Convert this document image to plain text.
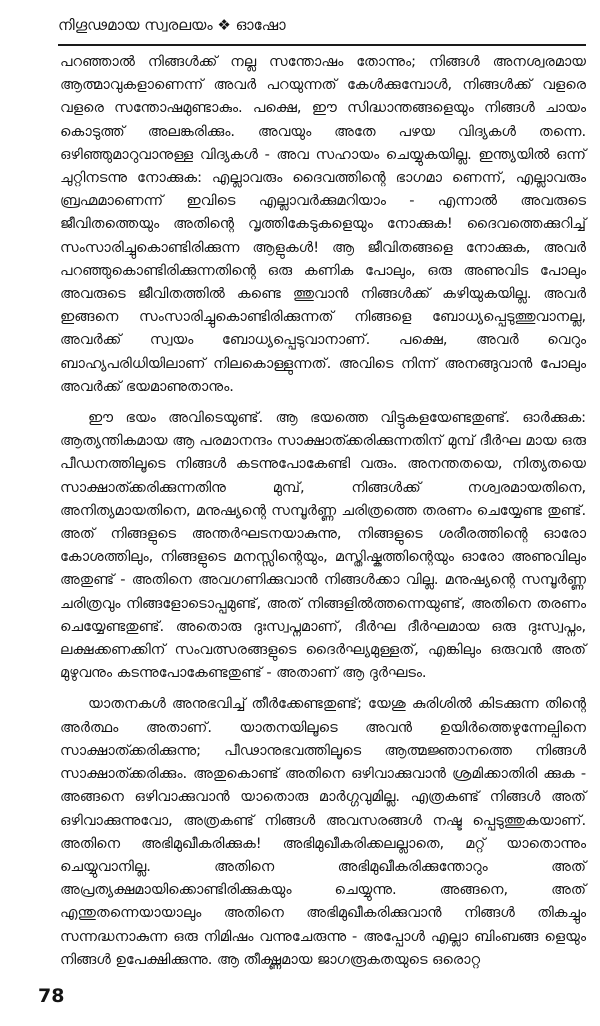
നിഗൂഢമായ സ്വരലയം ❖ ഓഷോ

പറഞ്ഞാൽ നിങ്ങൾക്ക് നല്ല സന്തോഷം തോന്നും; നിങ്ങൾ അനശ്വരമായ ആത്മാവുകളാണെന്ന് അവർ പറയുന്നത് കേൾക്കുമ്പോൾ, നിങ്ങൾക്ക് വളരെ വളരെ സന്തോഷമുണ്ടാകും. പക്ഷെ, ഈ സിദ്ധാന്തങ്ങളെയും നിങ്ങൾ ചായം കൊടുത്ത് അലങ്കരിക്കും. അവയും അതേ പഴയ വിദ്യകൾ തന്നെ. ഒഴിഞ്ഞുമാറുവാനുള്ള വിദ്യകൾ - അവ സഹായം ചെയ്യുകയില്ല. ഇന്ത്യയിൽ ഒന്ന് ചുറ്റിനടന്നു നോക്കുക: എല്ലാവരും ദൈവത്തിന്റെ ഭാഗമാ ണെന്ന്, എല്ലാവരും ബ്രഹ്മമാണെന്ന് ഇവിടെ എല്ലാവർക്കുമറിയാം - എന്നാൽ അവരുടെ ജീവിതത്തെയും അതിന്റെ വൃത്തികേടുകളെയും നോക്കുക! ദൈവത്തെക്കുറിച്ച് സംസാരിച്ചുകൊണ്ടിരിക്കുന്ന ആളുകൾ! ആ ജീവിതങ്ങളെ നോക്കുക, അവർ പറഞ്ഞുകൊണ്ടിരിക്കുന്നതിന്റെ ഒരു കണിക പോലും, ഒരു അണുവിട പോലും അവരുടെ ജീവിതത്തിൽ കണ്ടെ ത്തുവാൻ നിങ്ങൾക്ക് കഴിയുകയില്ല. അവർ ഇങ്ങനെ സംസാരിച്ചുകൊണ്ടിരിക്കുന്നത് നിങ്ങളെ ബോധ്യപ്പെടുത്തുവാനല്ല, അവർക്ക് സ്വയം ബോധ്യപ്പെടുവാനാണ്. പക്ഷെ, അവർ വെറും ബാഹ്യപരിധിയിലാണ് നിലകൊള്ളുന്നത്. അവിടെ നിന്ന് അനങ്ങുവാൻ പോലും അവർക്ക് ഭയമാണുതാനും.

ഈ ഭയം അവിടെയുണ്ട്. ആ ഭയത്തെ വിട്ടുകളയേണ്ടതുണ്ട്. ഓർക്കുക: ആത്യന്തികമായ ആ പരമാനന്ദം സാക്ഷാത്ക്കരിക്കുന്നതിന് മുമ്പ് ദീർഘ മായ ഒരു പീഡനത്തിലൂടെ നിങ്ങൾ കടന്നുപോകേണ്ടി വരും. അനന്തതയെ, നിത്യതയെ സാക്ഷാത്ക്കരിക്കുന്നതിനു മുമ്പ്, നിങ്ങൾക്ക് നശ്വരമായതിനെ, അനിത്യമായതിനെ, മനുഷ്യന്റെ സമ്പൂർണ്ണ ചരിത്രത്തെ തരണം ചെയ്യേണ്ട തുണ്ട്. അത് നിങ്ങളുടെ അന്തർഘടനയാകുന്നു, നിങ്ങളുടെ ശരീരത്തിന്റെ ഓരോ കോശത്തിലും, നിങ്ങളുടെ മനസ്സിന്റെയും, മസ്തിഷ്കത്തിന്റെയും ഓരോ അണുവിലും അതുണ്ട് - അതിനെ അവഗണിക്കുവാൻ നിങ്ങൾക്കാ വില്ല. മനുഷ്യന്റെ സമ്പൂർണ്ണ ചരിത്രവും നിങ്ങളോടൊപ്പമുണ്ട്, അത് നിങ്ങളിൽത്തന്നെയുണ്ട്, അതിനെ തരണം ചെയ്യേണ്ടതുണ്ട്. അതൊരു ദുഃസ്വപ്നമാണ്, ദീർഘ ദീർഘമായ ഒരു ദുഃസ്വപ്നം, ലക്ഷക്കണക്കിന് സംവത്സരങ്ങളുടെ ദൈർഘ്യമുള്ളത്, എങ്കിലും ഒരുവൻ അത് മുഴുവനും കടന്നുപോകേണ്ടതുണ്ട് - അതാണ് ആ ദുർഘടം.

യാതനകൾ അനുഭവിച്ച് തീർക്കേണ്ടതുണ്ട്; യേശു കുരിശിൽ കിടക്കുന്ന തിന്റെ അർത്ഥം അതാണ്. യാതനയിലൂടെ അവൻ ഉയിർത്തെഴുന്നേല്പിനെ സാക്ഷാത്ക്കരിക്കുന്നു; പീഢാനുഭവത്തിലൂടെ ആത്മജ്ഞാനത്തെ നിങ്ങൾ സാക്ഷാത്ക്കരിക്കും. അതുകൊണ്ട് അതിനെ ഒഴിവാക്കുവാൻ ശ്രമിക്കാതിരി ക്കുക - അങ്ങനെ ഒഴിവാക്കുവാൻ യാതൊരു മാർഗ്ഗവുമില്ല. എത്രകണ്ട് നിങ്ങൾ അത് ഒഴിവാക്കുന്നുവോ, അത്രകണ്ട് നിങ്ങൾ അവസരങ്ങൾ നഷ്ട പ്പെടുത്തുകയാണ്. അതിനെ അഭിമുഖീകരിക്കുക! അഭിമുഖീകരിക്കലല്ലാതെ, മറ്റ് യാതൊന്നും ചെയ്യുവാനില്ല. അതിനെ അഭിമുഖീകരിക്കുന്തോറും അത് അപ്രത്യക്ഷമായിക്കൊണ്ടിരിക്കുകയും ചെയ്യുന്നു. അങ്ങനെ, അത് എന്തുതന്നെയായാലും അതിനെ അഭിമുഖീകരിക്കുവാൻ നിങ്ങൾ തികച്ചും സന്നദ്ധനാകുന്ന ഒരു നിമിഷം വന്നുചേരുന്നു - അപ്പോൾ എല്ലാ ബിംബങ്ങ ളെയും നിങ്ങൾ ഉപേക്ഷിക്കുന്നു. ആ തീക്ഷ്ണമായ ജാഗരൂകതയുടെ ഒരൊറ്റ

78
